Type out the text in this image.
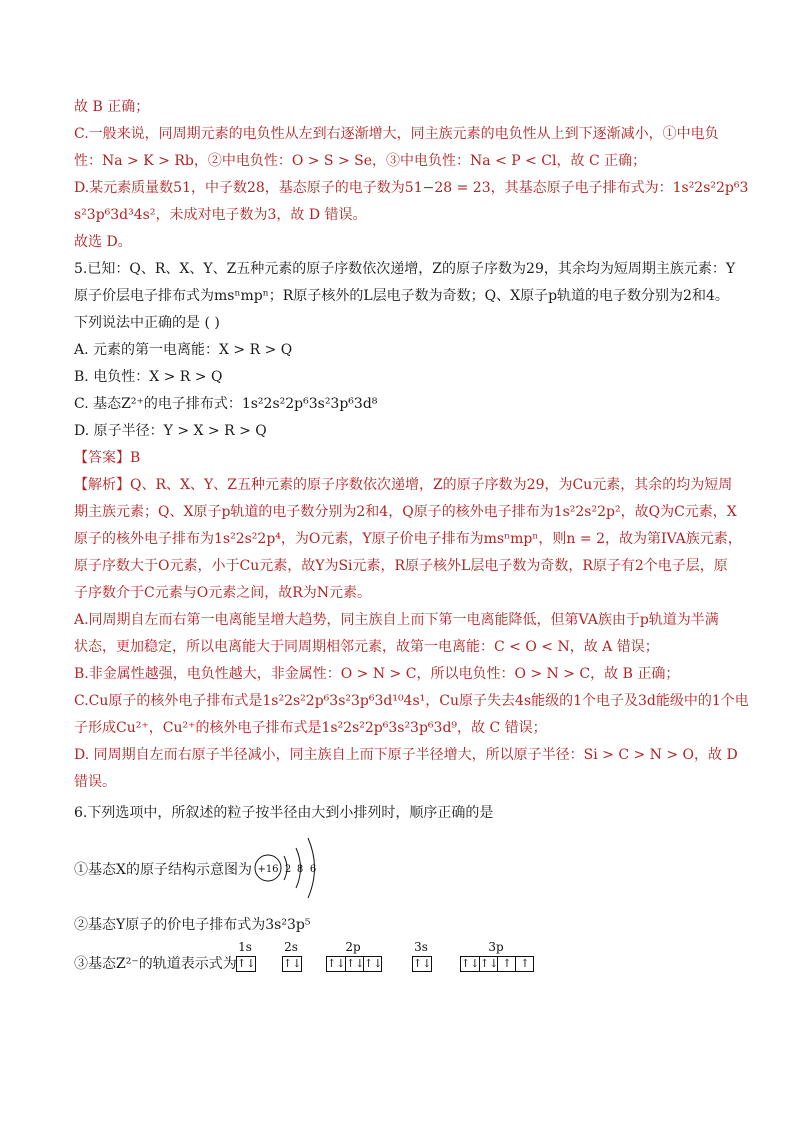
故 B 正确；
C.一般来说，同周期元素的电负性从左到右逐渐增大，同主族元素的电负性从上到下逐渐减小，①中电负
性：Na > K > Rb，②中电负性：O > S > Se，③中电负性：Na < P < Cl，故 C 正确；
D.某元素质量数51，中子数28，基态原子的电子数为51−28 = 23，其基态原子电子排布式为：1s²2s²2p⁶3
s²3p⁶3d³4s²，未成对电子数为3，故 D 错误。
故选 D。
5.已知：Q、R、X、Y、Z五种元素的原子序数依次递增，Z的原子序数为29，其余均为短周期主族元素：Y
原子价层电子排布式为msⁿmpⁿ；R原子核外的L层电子数为奇数；Q、X原子p轨道的电子数分别为2和4。
下列说法中正确的是 ( )
A. 元素的第一电离能：X > R > Q
B. 电负性：X > R > Q
C. 基态Z²⁺的电子排布式：1s²2s²2p⁶3s²3p⁶3d⁸
D. 原子半径：Y > X > R > Q
【答案】B
【解析】Q、R、X、Y、Z五种元素的原子序数依次递增，Z的原子序数为29，为Cu元素，其余的均为短周
期主族元素；Q、X原子p轨道的电子数分别为2和4，Q原子的核外电子排布为1s²2s²2p²，故Q为C元素，X
原子的核外电子排布为1s²2s²2p⁴，为O元素，Y原子价电子排布为msⁿmpⁿ，则n = 2，故为第IVA族元素，
原子序数大于O元素，小于Cu元素，故Y为Si元素，R原子核外L层电子数为奇数，R原子有2个电子层，原
子序数介于C元素与O元素之间，故R为N元素。
A.同周期自左而右第一电离能呈增大趋势，同主族自上而下第一电离能降低，但第VA族由于p轨道为半满
状态，更加稳定，所以电离能大于同周期相邻元素，故第一电离能：C < O < N，故 A 错误；
B.非金属性越强，电负性越大，非金属性：O > N > C，所以电负性：O > N > C，故 B 正确；
C.Cu原子的核外电子排布式是1s²2s²2p⁶3s²3p⁶3d¹⁰4s¹，Cu原子失去4s能级的1个电子及3d能级中的1个电
子形成Cu²⁺，Cu²⁺的核外电子排布式是1s²2s²2p⁶3s²3p⁶3d⁹，故 C 错误；
D. 同周期自左而右原子半径减小，同主族自上而下原子半径增大，所以原子半径：Si > C > N > O，故 D
错误。
6.下列选项中，所叙述的粒子按半径由大到小排列时，顺序正确的是
①基态X的原子结构示意图为 +16 2 8 6
②基态Y原子的价电子排布式为3s²3p⁵
③基态Z²⁻的轨道表示式为
1s
↑↓
2s
↑↓
2p
↑↓ ↑↓ ↑↓
3s
↑↓
3p
↑↓ ↑↓ ↑ ↑
